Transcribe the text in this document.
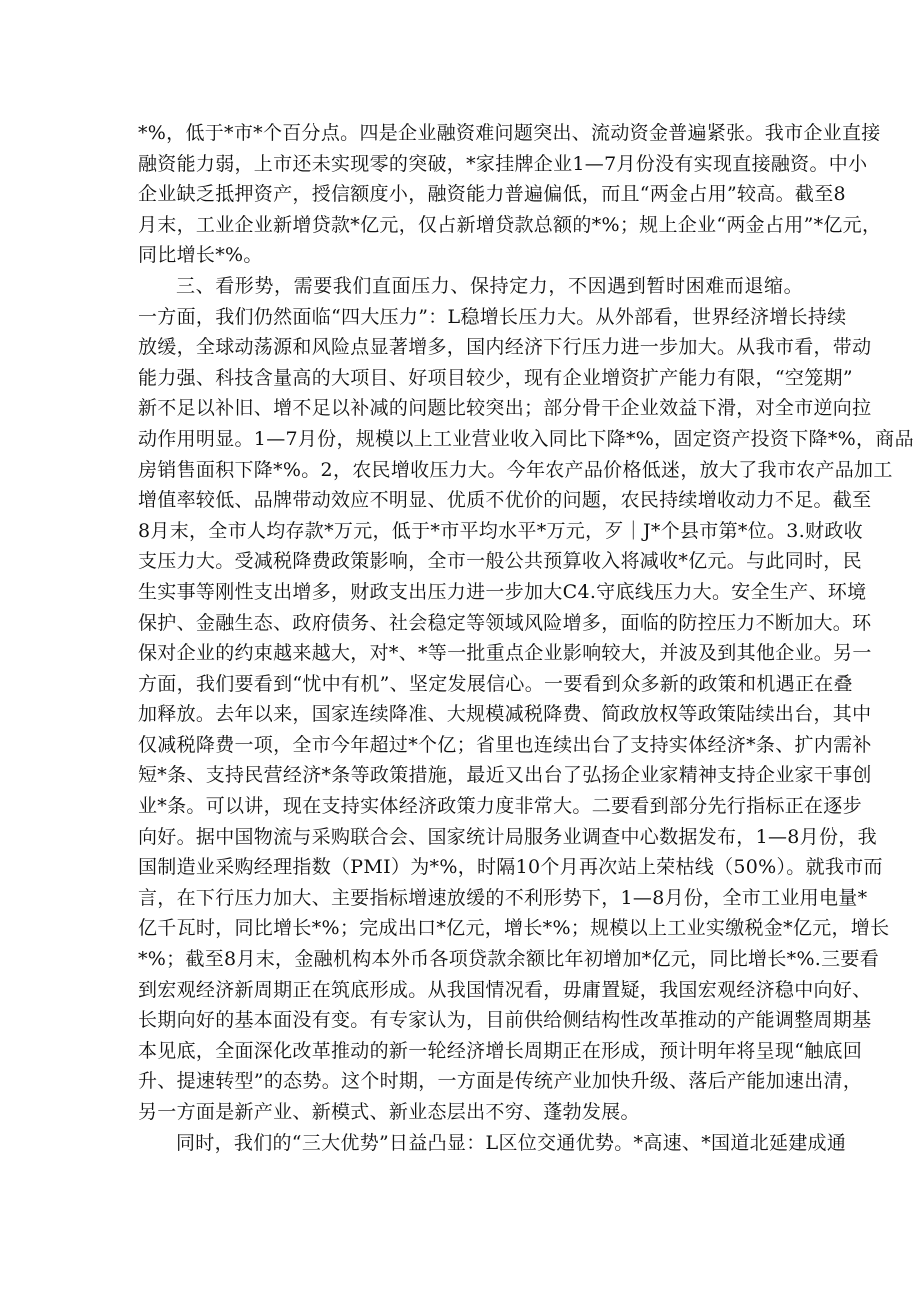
*%，低于*市*个百分点。四是企业融资难问题突出、流动资金普遍紧张。我市企业直接
融资能力弱，上市还未实现零的突破，*家挂牌企业1—7月份没有实现直接融资。中小
企业缺乏抵押资产，授信额度小，融资能力普遍偏低，而且“两金占用”较高。截至8
月末，工业企业新增贷款*亿元，仅占新增贷款总额的*%；规上企业“两金占用”*亿元，
同比增长*%。
三、看形势，需要我们直面压力、保持定力，不因遇到暂时困难而退缩。
一方面，我们仍然面临“四大压力”：L稳增长压力大。从外部看，世界经济增长持续
放缓，全球动荡源和风险点显著增多，国内经济下行压力进一步加大。从我市看，带动
能力强、科技含量高的大项目、好项目较少，现有企业增资扩产能力有限，“空笼期”
新不足以补旧、增不足以补减的问题比较突出；部分骨干企业效益下滑，对全市逆向拉
动作用明显。1—7月份，规模以上工业营业收入同比下降*%，固定资产投资下降*%，商品
房销售面积下降*%。2，农民增收压力大。今年农产品价格低迷，放大了我市农产品加工
增值率较低、品牌带动效应不明显、优质不优价的问题，农民持续增收动力不足。截至
8月末，全市人均存款*万元，低于*市平均水平*万元，歹｜J*个县市第*位。3.财政收
支压力大。受减税降费政策影响，全市一般公共预算收入将减收*亿元。与此同时，民
生实事等刚性支出增多，财政支出压力进一步加大C4.守底线压力大。安全生产、环境
保护、金融生态、政府债务、社会稳定等领域风险增多，面临的防控压力不断加大。环
保对企业的约束越来越大，对*、*等一批重点企业影响较大，并波及到其他企业。另一
方面，我们要看到“忧中有机”、坚定发展信心。一要看到众多新的政策和机遇正在叠
加释放。去年以来，国家连续降准、大规模减税降费、简政放权等政策陆续出台，其中
仅减税降费一项，全市今年超过*个亿；省里也连续出台了支持实体经济*条、扩内需补
短*条、支持民营经济*条等政策措施，最近又出台了弘扬企业家精神支持企业家干事创
业*条。可以讲，现在支持实体经济政策力度非常大。二要看到部分先行指标正在逐步
向好。据中国物流与采购联合会、国家统计局服务业调查中心数据发布，1—8月份，我
国制造业采购经理指数（PMI）为*%，时隔10个月再次站上荣枯线（50%）。就我市而
言，在下行压力加大、主要指标增速放缓的不利形势下，1—8月份，全市工业用电量*
亿千瓦时，同比增长*%；完成出口*亿元，增长*%；规模以上工业实缴税金*亿元，增长
*%；截至8月末，金融机构本外币各项贷款余额比年初增加*亿元，同比增长*%.三要看
到宏观经济新周期正在筑底形成。从我国情况看，毋庸置疑，我国宏观经济稳中向好、
长期向好的基本面没有变。有专家认为，目前供给侧结构性改革推动的产能调整周期基
本见底，全面深化改革推动的新一轮经济增长周期正在形成，预计明年将呈现“触底回
升、提速转型”的态势。这个时期，一方面是传统产业加快升级、落后产能加速出清，
另一方面是新产业、新模式、新业态层出不穷、蓬勃发展。
同时，我们的“三大优势”日益凸显：L区位交通优势。*高速、*国道北延建成通
